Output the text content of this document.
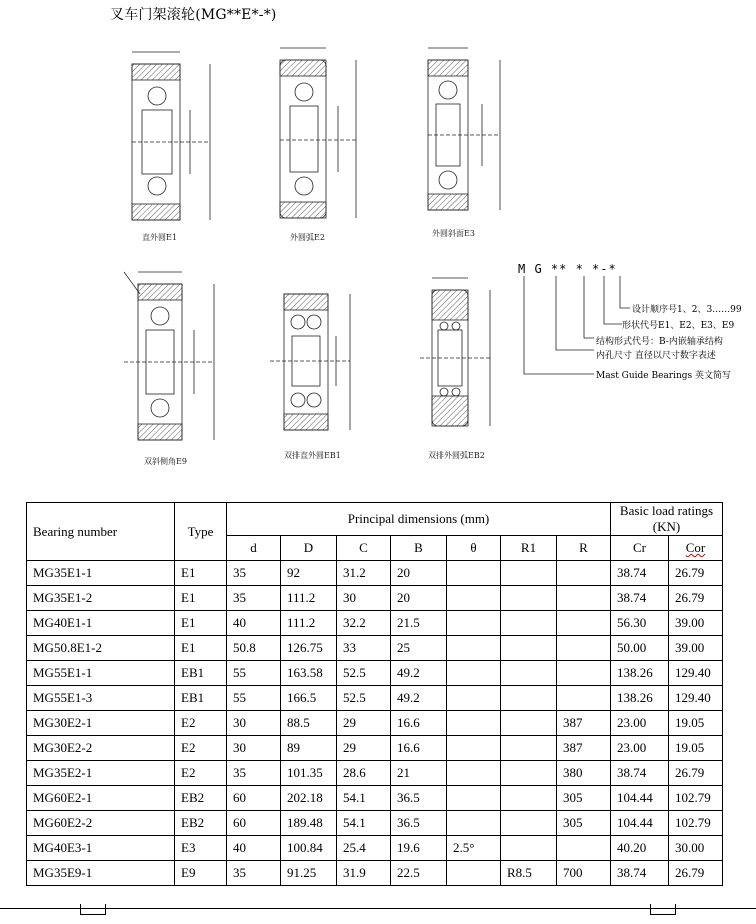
叉车门架滚轮(MG**E*-*)
直外圆E1	外圆弧E2	外圆斜面E3
双斜侧角E9
双排直外圆EB1	双排外圆弧EB2
M G ** * *-*
设计顺序号1、2、3……99
形状代号E1、E2、E3、E9
结构形式代号：B-内嵌轴承结构
内孔尺寸 直径以尺寸数字表述
Mast Guide Bearings 英文简写
Bearing number	Type	Principal dimensions (mm)							Basic load ratings
(KN)	

		d	D	C	B	θ	R1	R	Cr	Cor
MG35E1-1	E1	35	92	31.2	20				38.74	26.79
MG35E1-2	E1	35	111.2	30	20				38.74	26.79
MG40E1-1	E1	40	111.2	32.2	21.5				56.30	39.00
MG50.8E1-2	E1	50.8	126.75	33	25				50.00	39.00
MG55E1-1	EB1	55	163.58	52.5	49.2				138.26	129.40
MG55E1-3	EB1	55	166.5	52.5	49.2				138.26	129.40
MG30E2-1	E2	30	88.5	29	16.6			387	23.00	19.05
MG30E2-2	E2	30	89	29	16.6			387	23.00	19.05
MG35E2-1	E2	35	101.35	28.6	21			380	38.74	26.79
MG60E2-1	EB2	60	202.18	54.1	36.5			305	104.44	102.79
MG60E2-2	EB2	60	189.48	54.1	36.5			305	104.44	102.79
MG40E3-1	E3	40	100.84	25.4	19.6	2.5°			40.20	30.00
MG35E9-1	E9	35	91.25	31.9	22.5		R8.5	700	38.74	26.79
